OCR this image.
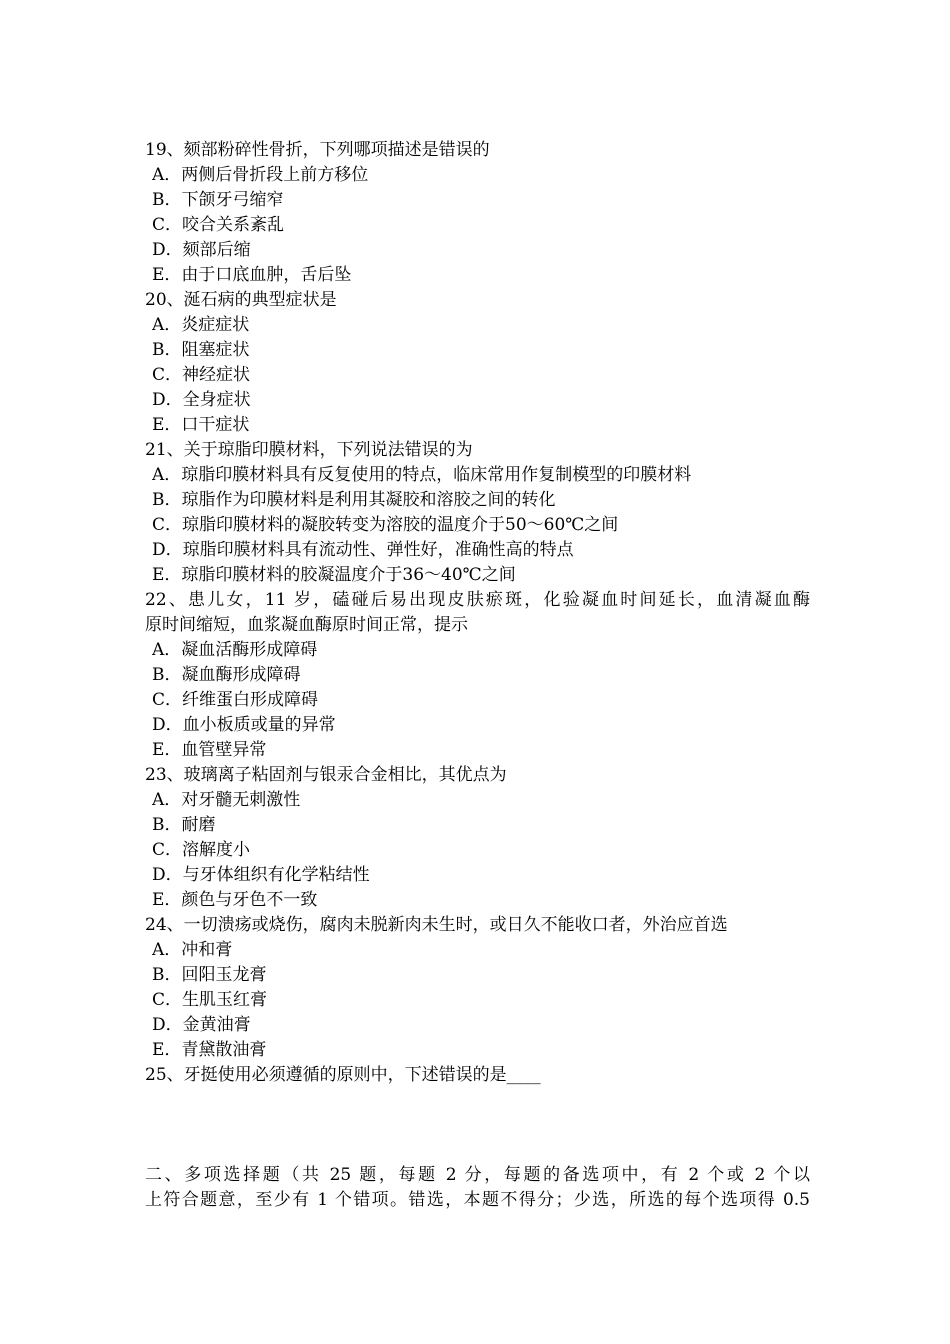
19、颏部粉碎性骨折，下列哪项描述是错误的
A．两侧后骨折段上前方移位
B．下颌牙弓缩窄
C．咬合关系紊乱
D．颏部后缩
E．由于口底血肿，舌后坠
20、涎石病的典型症状是
A．炎症症状
B．阻塞症状
C．神经症状
D．全身症状
E．口干症状
21、关于琼脂印膜材料，下列说法错误的为
A．琼脂印膜材料具有反复使用的特点，临床常用作复制模型的印膜材料
B．琼脂作为印膜材料是利用其凝胶和溶胶之间的转化
C．琼脂印膜材料的凝胶转变为溶胶的温度介于50～60℃之间
D．琼脂印膜材料具有流动性、弹性好，准确性高的特点
E．琼脂印膜材料的胶凝温度介于36～40℃之间
22、患儿女，11 岁，磕碰后易出现皮肤瘀斑，化验凝血时间延长，血清凝血酶
原时间缩短，血浆凝血酶原时间正常，提示
A．凝血活酶形成障碍
B．凝血酶形成障碍
C．纤维蛋白形成障碍
D．血小板质或量的异常
E．血管壁异常
23、玻璃离子粘固剂与银汞合金相比，其优点为
A．对牙髓无刺激性
B．耐磨
C．溶解度小
D．与牙体组织有化学粘结性
E．颜色与牙色不一致
24、一切溃疡或烧伤，腐肉未脱新肉未生时，或日久不能收口者，外治应首选
A．冲和膏
B．回阳玉龙膏
C．生肌玉红膏
D．金黄油膏
E．青黛散油膏
25、牙挺使用必须遵循的原则中，下述错误的是____

二、多项选择题（共 25 题，每题 2 分，每题的备选项中，有 2 个或 2 个以
上符合题意，至少有 1 个错项。错选，本题不得分；少选，所选的每个选项得 0.5
